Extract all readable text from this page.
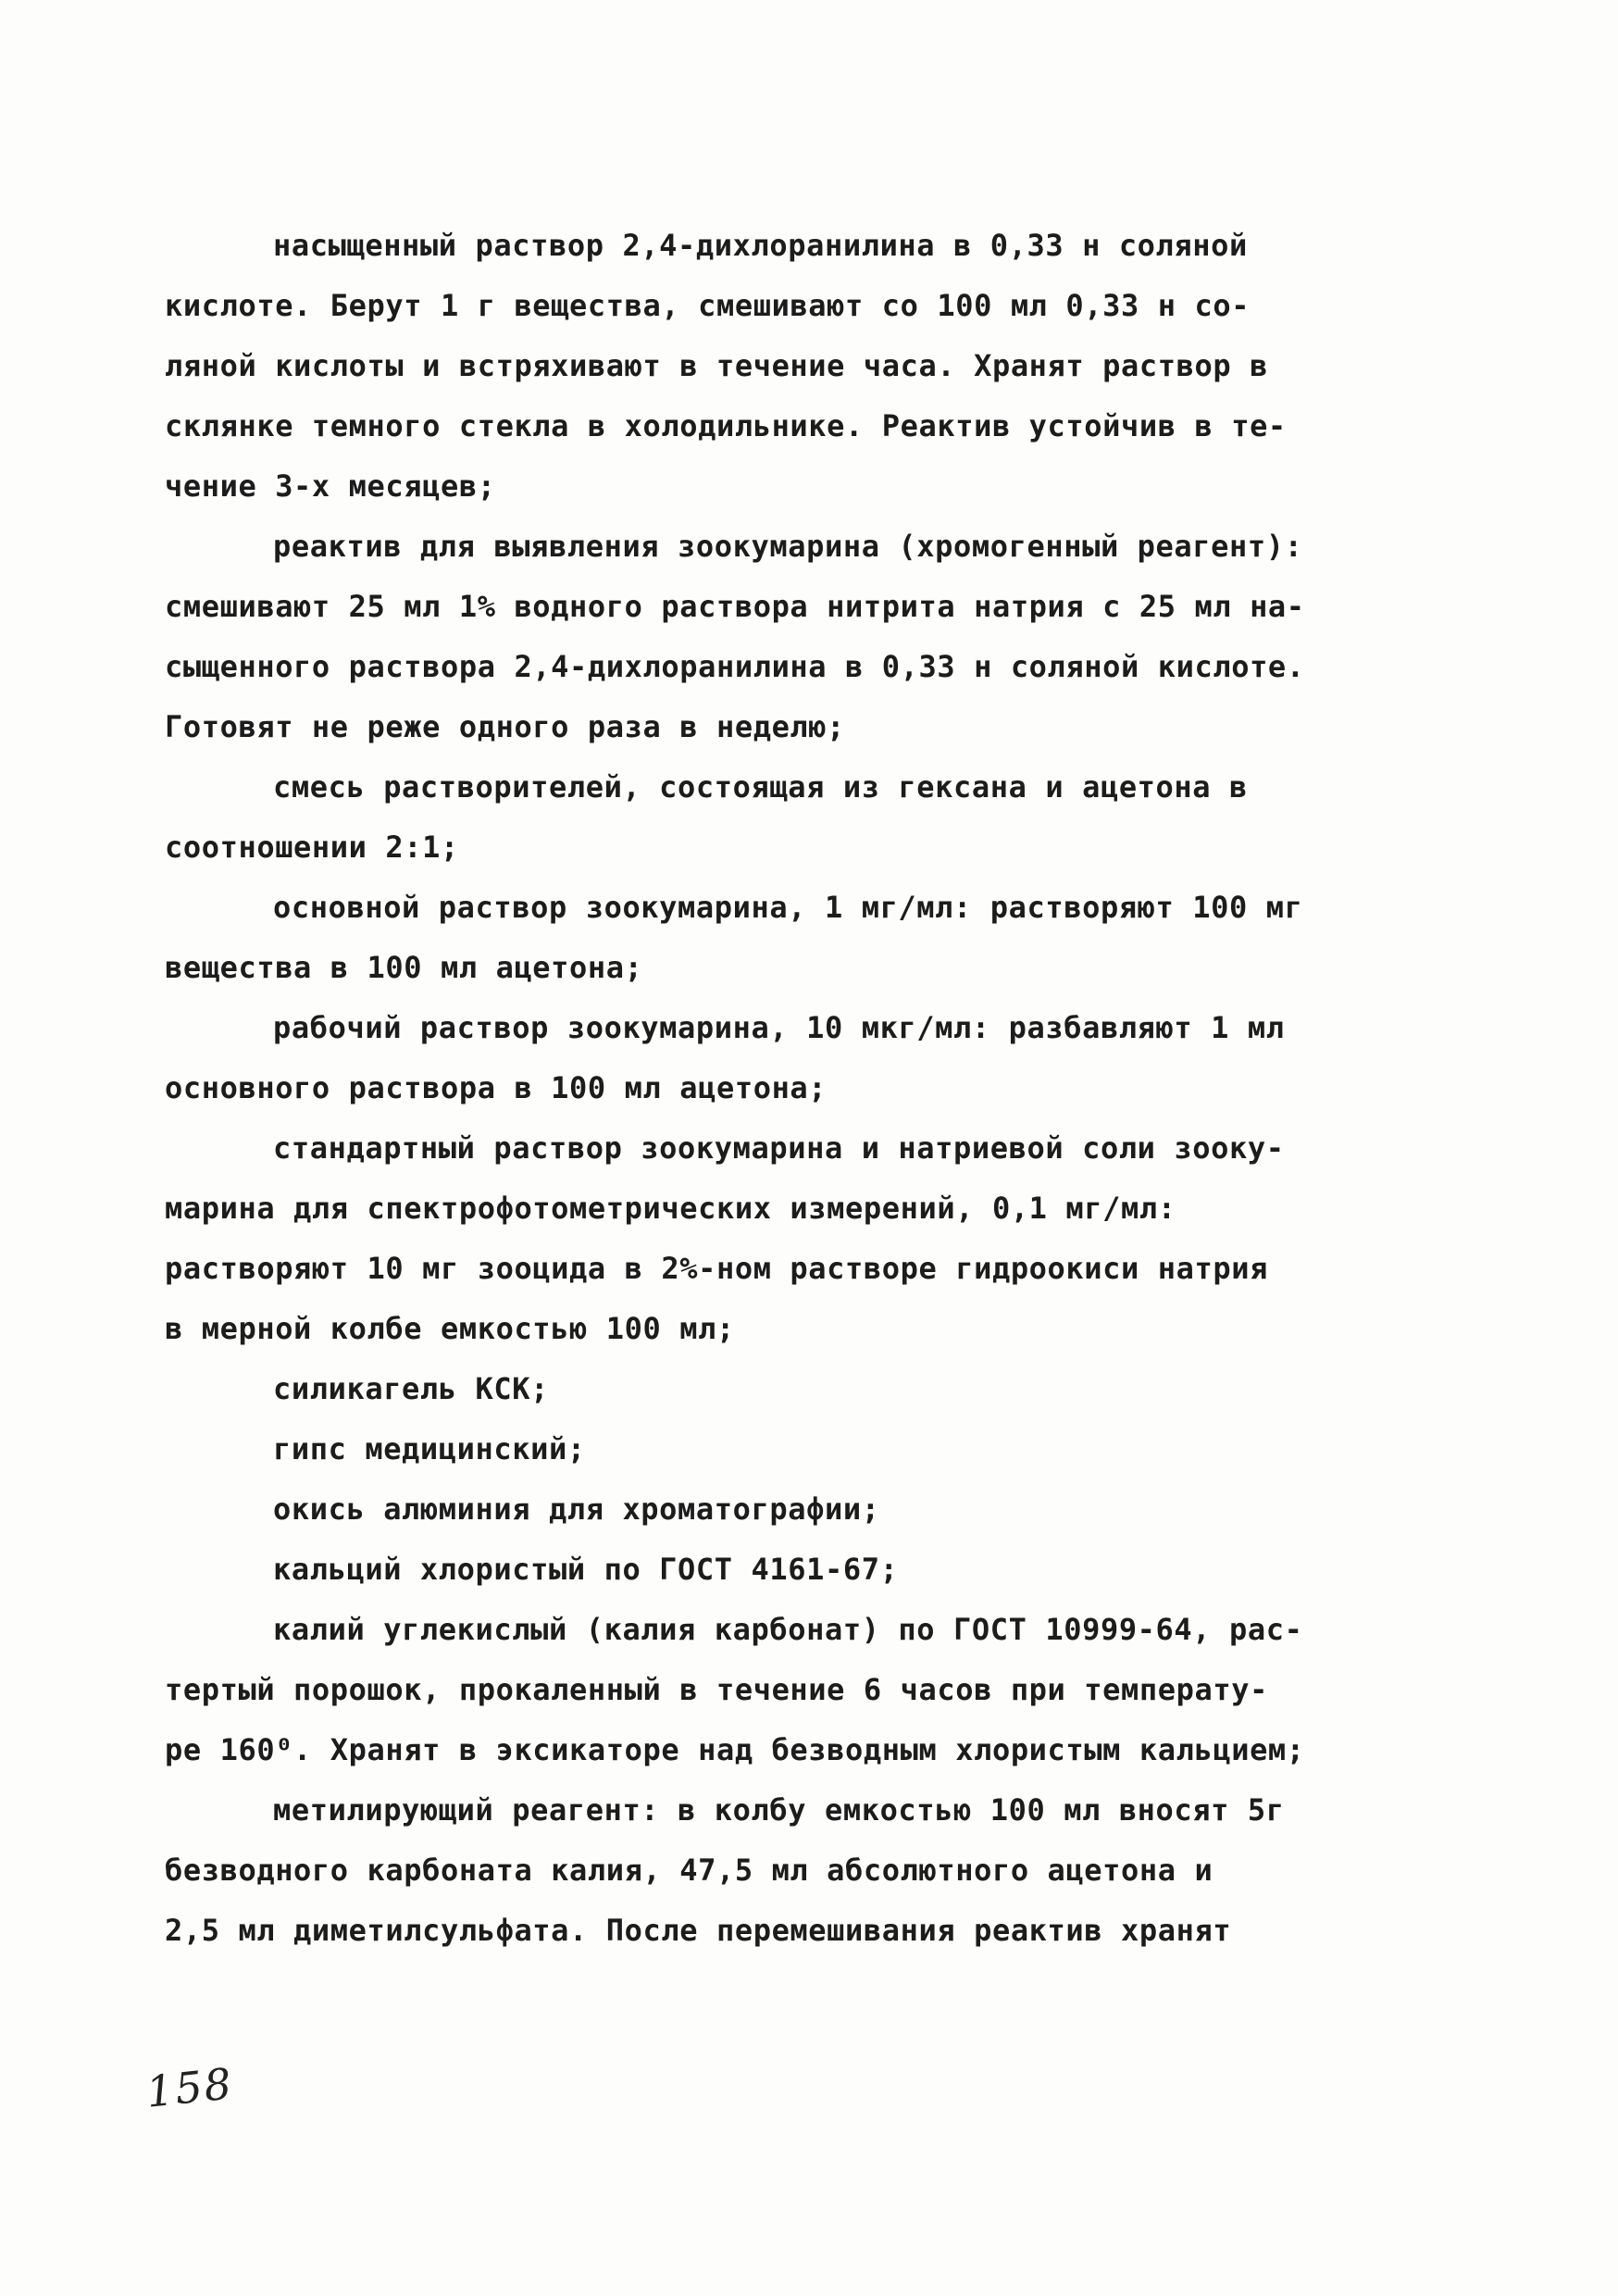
насыщенный раствор 2,4-дихлоранилина в 0,33 н соляной
кислоте. Берут 1 г вещества, смешивают со 100 мл 0,33 н со-
ляной кислоты и встряхивают в течение часа. Хранят раствор в
склянке темного стекла в холодильнике. Реактив устойчив в те-
чение 3-х месяцев;
реактив для выявления зоокумарина (хромогенный реагент):
смешивают 25 мл 1% водного раствора нитрита натрия с 25 мл на-
сыщенного раствора 2,4-дихлоранилина в 0,33 н соляной кислоте.
Готовят не реже одного раза в неделю;
смесь растворителей, состоящая из гексана и ацетона в
соотношении 2:1;
основной раствор зоокумарина, 1 мг/мл: растворяют 100 мг
вещества в 100 мл ацетона;
рабочий раствор зоокумарина, 10 мкг/мл: разбавляют 1 мл
основного раствора в 100 мл ацетона;
стандартный раствор зоокумарина и натриевой соли зооку-
марина для спектрофотометрических измерений, 0,1 мг/мл:
растворяют 10 мг зооцида в 2%-ном растворе гидроокиси натрия
в мерной колбе емкостью 100 мл;
силикагель КСК;
гипс медицинский;
окись алюминия для хроматографии;
кальций хлористый по ГОСТ 4161-67;
калий углекислый (калия карбонат) по ГОСТ 10999-64, рас-
тертый порошок, прокаленный в течение 6 часов при температу-
ре 160⁰. Хранят в эксикаторе над безводным хлористым кальцием;
метилирующий реагент: в колбу емкостью 100 мл вносят 5г
безводного карбоната калия, 47,5 мл абсолютного ацетона и
2,5 мл диметилсульфата. После перемешивания реактив хранят
158
